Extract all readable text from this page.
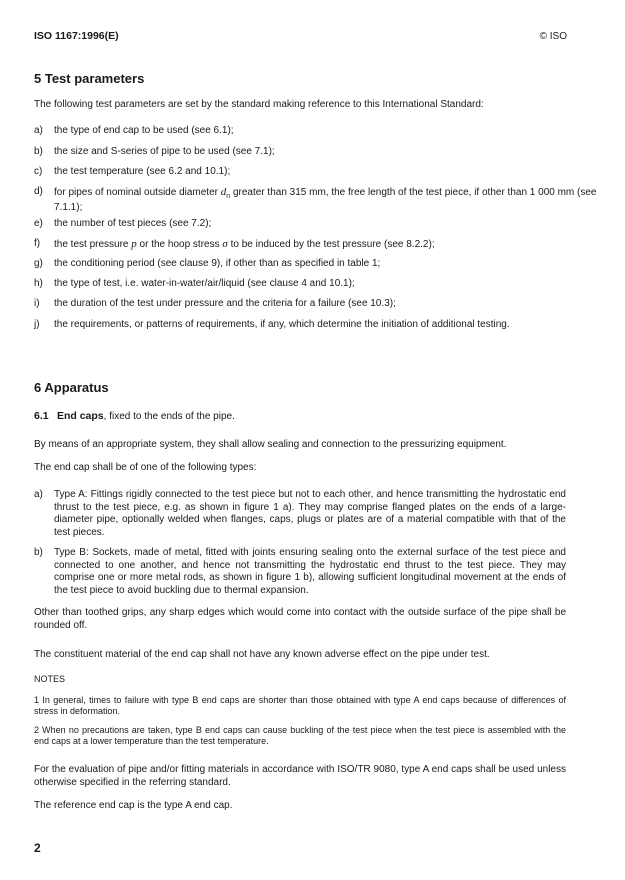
ISO 1167:1996(E)	© ISO
5 Test parameters
The following test parameters are set by the standard making reference to this International Standard:
a)	the type of end cap to be used (see 6.1);
b)	the size and S-series of pipe to be used (see 7.1);
c)	the test temperature (see 6.2 and 10.1);
d)	for pipes of nominal outside diameter $d_n$ greater than 315 mm, the free length of the test piece, if other than 1 000 mm (see 7.1.1);
e)	the number of test pieces (see 7.2);
f)	the test pressure p or the hoop stress σ to be induced by the test pressure (see 8.2.2);
g)	the conditioning period (see clause 9), if other than as specified in table 1;
h)	the type of test, i.e. water-in-water/air/liquid (see clause 4 and 10.1);
i)	the duration of the test under pressure and the criteria for a failure (see 10.3);
j)	the requirements, or patterns of requirements, if any, which determine the initiation of additional testing.
6 Apparatus
6.1 End caps, fixed to the ends of the pipe.
By means of an appropriate system, they shall allow sealing and connection to the pressurizing equipment.
The end cap shall be of one of the following types:
a)	Type A: Fittings rigidly connected to the test piece but not to each other, and hence transmitting the hydrostatic end thrust to the test piece, e.g. as shown in figure 1 a). They may comprise flanged plates on the ends of a large-diameter pipe, optionally welded when flanges, caps, plugs or plates are of a material compatible with that of the test pieces.
b)	Type B: Sockets, made of metal, fitted with joints ensuring sealing onto the external surface of the test piece and connected to one another, and hence not transmitting the hydrostatic end thrust to the test piece. They may comprise one or more metal rods, as shown in figure 1 b), allowing sufficient longitudinal movement at the ends of the test piece to avoid buckling due to thermal expansion.
Other than toothed grips, any sharp edges which would come into contact with the outside surface of the pipe shall be rounded off.
The constituent material of the end cap shall not have any known adverse effect on the pipe under test.
NOTES
1 In general, times to failure with type B end caps are shorter than those obtained with type A end caps because of differences of stress in deformation.
2 When no precautions are taken, type B end caps can cause buckling of the test piece when the test piece is assembled with the end caps at a lower temperature than the test temperature.
For the evaluation of pipe and/or fitting materials in accordance with ISO/TR 9080, type A end caps shall be used unless otherwise specified in the referring standard.
The reference end cap is the type A end cap.
2
